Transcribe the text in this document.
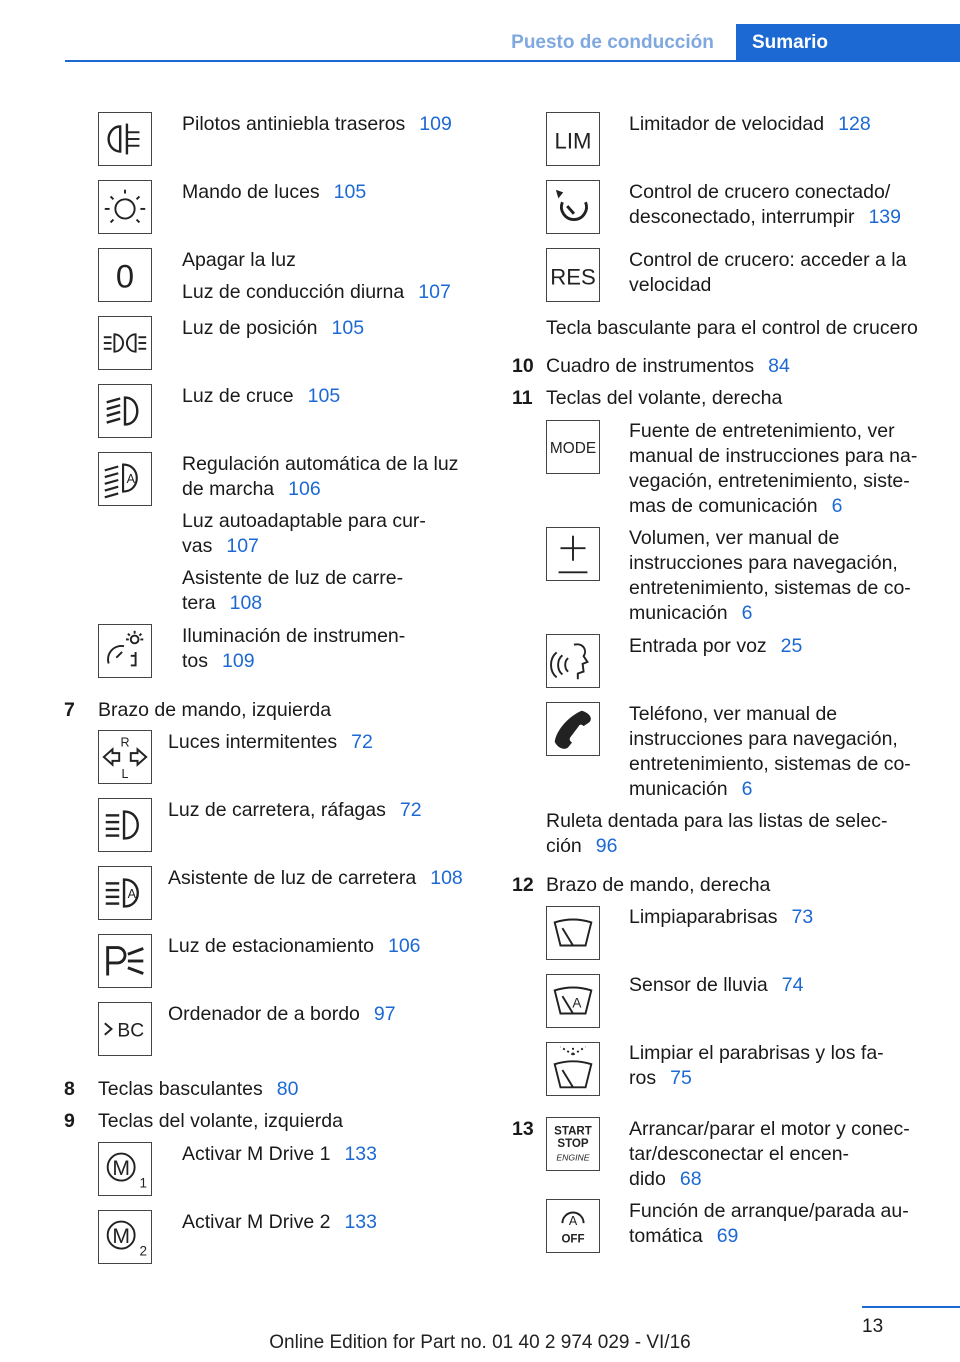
Puesto de conducción	Sumario
Pilotos antiniebla traseros 109
Mando de luces 105
0 Apagar la luz
Luz de conducción diurna 107
Luz de posición 105
Luz de cruce 105
A
Regulación automática de la luz
de marcha 106
Luz autoadaptable para cur-
vas 107
Asistente de luz de carre-
tera 108
Iluminación de instrumen-
tos 109
7 Brazo de mando, izquierda
R
L
Luces intermitentes 72
Luz de carretera, ráfagas 72
A
Asistente de luz de carretera 108
Luz de estacionamiento 106
BC
Ordenador de a bordo 97
8 Teclas basculantes 80
9 Teclas del volante, izquierda
M
1
Activar M Drive 1 133
M
2
Activar M Drive 2 133
LIM
Limitador de velocidad 128
Control de crucero conectado/
desconectado, interrumpir 139
RES
Control de crucero: acceder a la
velocidad
Tecla basculante para el control de crucero
10 Cuadro de instrumentos 84
11 Teclas del volante, derecha
MODE
Fuente de entretenimiento, ver
manual de instrucciones para na-
vegación, entretenimiento, siste-
mas de comunicación 6
Volumen, ver manual de
instrucciones para navegación,
entretenimiento, sistemas de co-
municación 6
Entrada por voz 25
Teléfono, ver manual de
instrucciones para navegación,
entretenimiento, sistemas de co-
municación 6
Ruleta dentada para las listas de selec-
ción 96
12 Brazo de mando, derecha
Limpiaparabrisas 73
A
Sensor de lluvia 74
Limpiar el parabrisas y los fa-
ros 75
13 START
STOP
ENGINE
Arrancar/parar el motor y conec-
tar/desconectar el encen-
dido 68
A
OFF
Función de arranque/parada au-
tomática 69
13
Online Edition for Part no. 01 40 2 974 029 - VI/16
